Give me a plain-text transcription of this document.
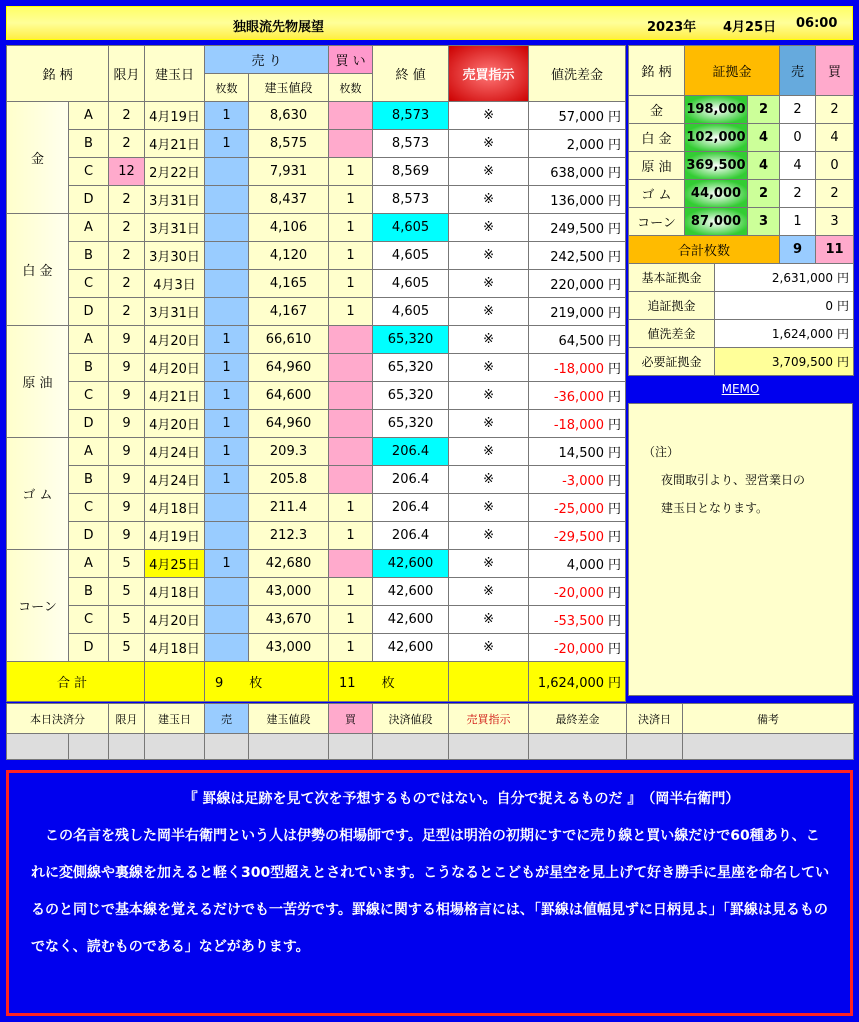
独眼流先物展望	2023年 4月25日 06:00
銘 柄		限月	建玉日	売 り		買 い	終 値	売買指示	値洗差金
				枚数	建玉値段	枚数			
金	A	2	4月19日	1	8,630		8,573	※	57,000 円
	B	2	4月21日	1	8,575		8,573	※	2,000 円
	C	12	2月22日		7,931	1	8,569	※	638,000 円
	D	2	3月31日		8,437	1	8,573	※	136,000 円
白 金	A	2	3月31日		4,106	1	4,605	※	249,500 円
	B	2	3月30日		4,120	1	4,605	※	242,500 円
	C	2	4月3日		4,165	1	4,605	※	220,000 円
	D	2	3月31日		4,167	1	4,605	※	219,000 円
原 油	A	9	4月20日	1	66,610		65,320	※	64,500 円
	B	9	4月20日	1	64,960		65,320	※	-18,000 円
	C	9	4月21日	1	64,600		65,320	※	-36,000 円
	D	9	4月20日	1	64,960		65,320	※	-18,000 円
ゴ ム	A	9	4月24日	1	209.3		206.4	※	14,500 円
	B	9	4月24日	1	205.8		206.4	※	-3,000 円
	C	9	4月18日		211.4	1	206.4	※	-25,000 円
	D	9	4月19日		212.3	1	206.4	※	-29,500 円
コーン	A	5	4月25日	1	42,680		42,600	※	4,000 円
	B	5	4月18日		43,000	1	42,600	※	-20,000 円
	C	5	4月20日		43,670	1	42,600	※	-53,500 円
	D	5	4月18日		43,000	1	42,600	※	-20,000 円
合 計				9 枚		11 枚			1,624,000 円
銘 柄	証拠金		売	買
金	198,000	2	2	2
白 金	102,000	4	0	4
原 油	369,500	4	4	0
ゴ ム	44,000	2	2	2
コーン	87,000	3	1	3
合計枚数			9	11
基本証拠金	2,631,000 円
追証拠金	0 円
値洗差金	1,624,000 円
必要証拠金	3,709,500 円
MEMO

（注）

夜間取引より、翌営業日の

建玉日となります。

本日決済分		限月	建玉日	売	建玉値段	買	決済値段	売買指示	最終差金	決済日	備考

『 罫線は足跡を見て次を予想するものではない。自分で捉えるものだ 』　（岡半右衛門）
　この名言を残した岡半右衛門という人は伊勢の相場師です。足型は明治の初期にすでに売り線と買い線だけで60種あり、これに変側線や裏線を加えると軽く300型超えとされています。こうなるとこどもが星空を見上げて好き勝手に星座を命名しているのと同じで基本線を覚えるだけでも一苦労です。罫線に関する相場格言には、「罫線は値幅見ずに日柄見よ」「罫線は見るものでなく、読むものである」などがあります。
